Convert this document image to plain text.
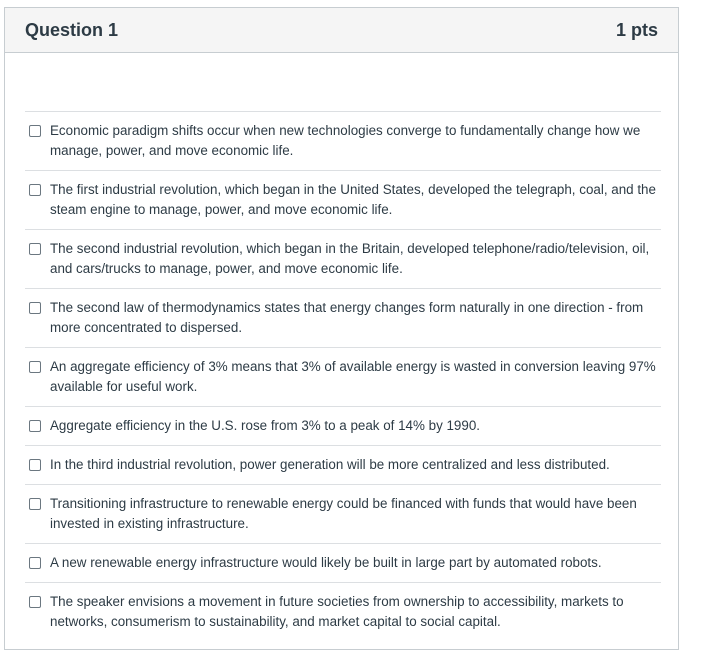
Question 1	1 pts
Economic paradigm shifts occur when new technologies converge to fundamentally change how we manage, power, and move economic life.
The first industrial revolution, which began in the United States, developed the telegraph, coal, and the steam engine to manage, power, and move economic life.
The second industrial revolution, which began in the Britain, developed telephone/radio/television, oil, and cars/trucks to manage, power, and move economic life.
The second law of thermodynamics states that energy changes form naturally in one direction - from more concentrated to dispersed.
An aggregate efficiency of 3% means that 3% of available energy is wasted in conversion leaving 97% available for useful work.
Aggregate efficiency in the U.S. rose from 3% to a peak of 14% by 1990.
In the third industrial revolution, power generation will be more centralized and less distributed.
Transitioning infrastructure to renewable energy could be financed with funds that would have been invested in existing infrastructure.
A new renewable energy infrastructure would likely be built in large part by automated robots.
The speaker envisions a movement in future societies from ownership to accessibility, markets to networks, consumerism to sustainability, and market capital to social capital.
